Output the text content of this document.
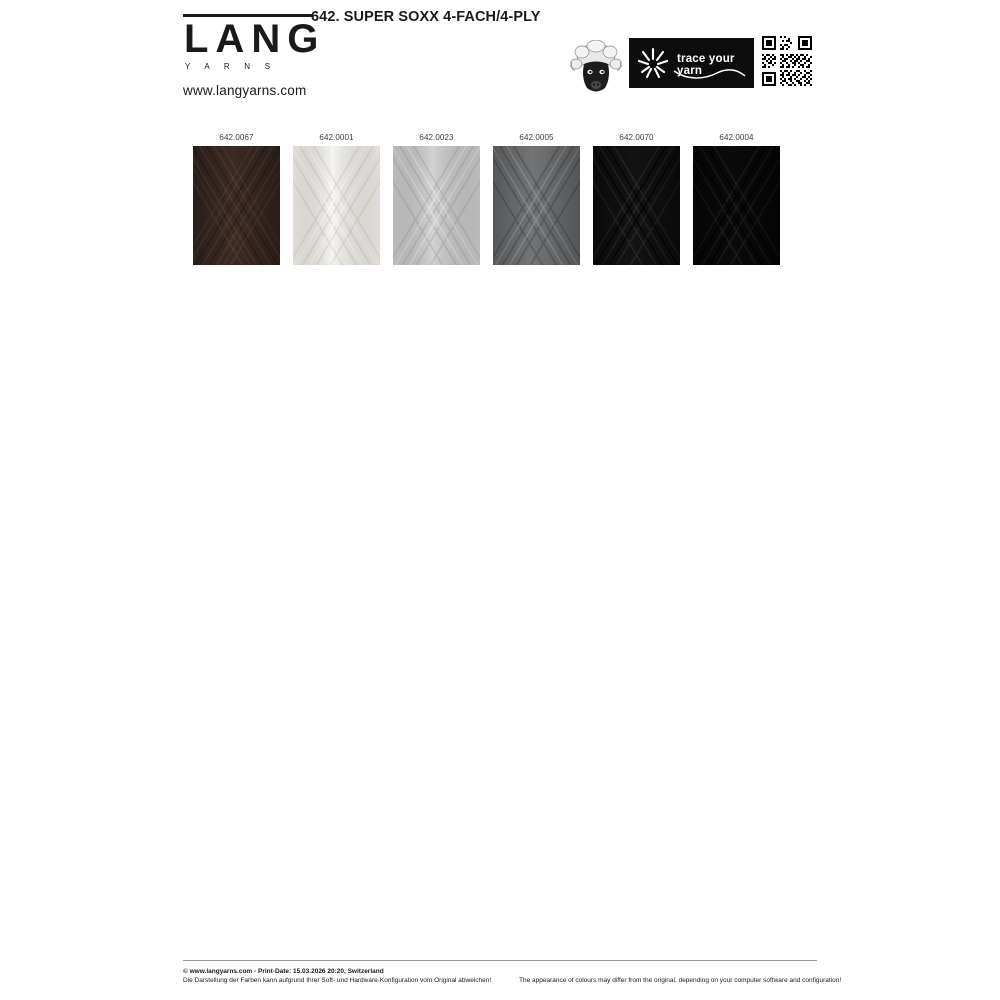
LANG
Y A R N S
www.langyarns.com
642. SUPER SOXX 4-FACH/4-PLY
trace your yarn
642.0067	642.0001	642.0023	642.0005	642.0070	642.0004
© www.langyarns.com - Print-Date: 15.03.2026 20:20, Switzerland
Die Darstellung der Farben kann aufgrund Ihrer Soft- und Hardware-Konfiguration vom Original abweichen!	The appearance of colours may differ from the original, depending on your computer software and configuration!
